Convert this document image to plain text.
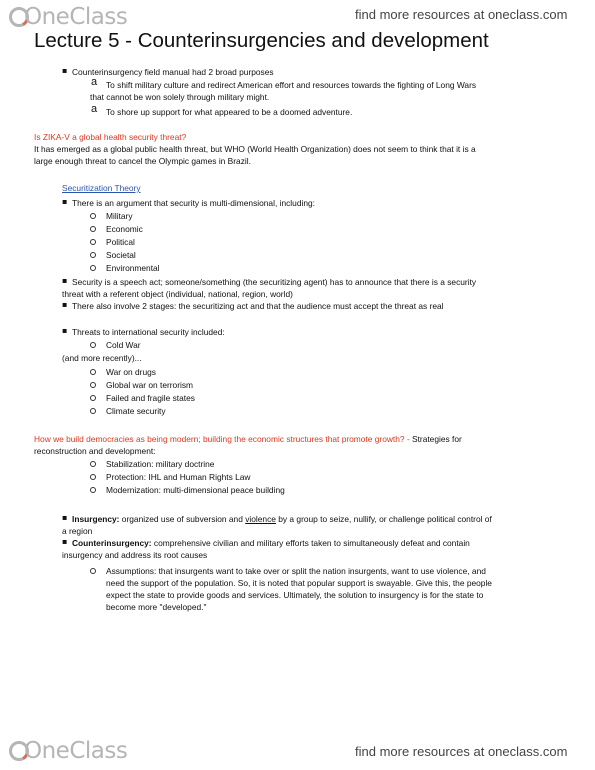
One Class	find more resources at oneclass.com
Lecture 5 - Counterinsurgencies and development
▪ Counterinsurgency field manual had 2 broad purposes
a To shift military culture and redirect American effort and resources towards the fighting of Long Wars
that cannot be won solely through military might.
a To shore up support for what appeared to be a doomed adventure.
Is ZIKA-V a global health security threat?
It has emerged as a global public health threat, but WHO (World Health Organization) does not seem to think that it is a
large enough threat to cancel the Olympic games in Brazil.
Securitization Theory
▪ There is an argument that security is multi-dimensional, including:
Military
Economic
Political
Societal
Environmental
▪ Security is a speech act; someone/something (the securitizing agent) has to announce that there is a security
threat with a referent object (individual, national, region, world)
▪ There also involve 2 stages: the securitizing act and that the audience must accept the threat as real
▪ Threats to international security included:
Cold War
(and more recently)...
War on drugs
Global war on terrorism
Failed and fragile states
Climate security
How we build democracies as being modern; building the economic structures that promote growth? - Strategies for
reconstruction and development:
Stabilization: military doctrine
Protection: IHL and Human Rights Law
Modernization: multi-dimensional peace building
▪ Insurgency: organized use of subversion and violence by a group to seize, nullify, or challenge political control of
a region
▪ Counterinsurgency: comprehensive civilian and military efforts taken to simultaneously defeat and contain
insurgency and address its root causes
Assumptions: that insurgents want to take over or split the nation insurgents, want to use violence, and
need the support of the population. So, it is noted that popular support is swayable. Give this, the people
expect the state to provide goods and services. Ultimately, the solution to insurgency is for the state to
become more "developed."
One Class	find more resources at oneclass.com
